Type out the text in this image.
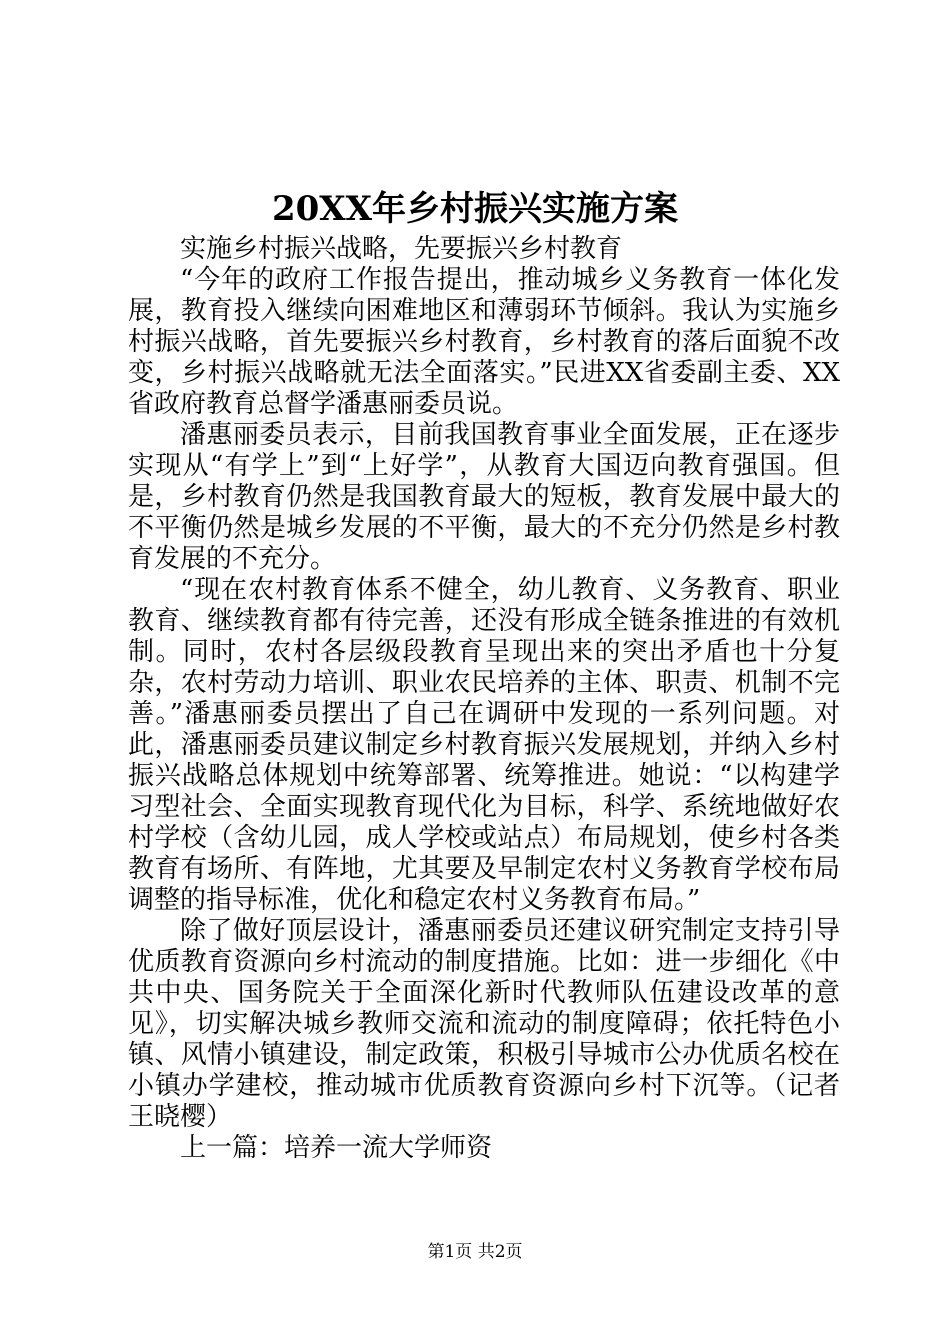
20XX年乡村振兴实施方案

实施乡村振兴战略，先要振兴乡村教育

“今年的政府工作报告提出，推动城乡义务教育一体化发展，教育投入继续向困难地区和薄弱环节倾斜。我认为实施乡村振兴战略，首先要振兴乡村教育，乡村教育的落后面貌不改变，乡村振兴战略就无法全面落实。”民进XX省委副主委、XX省政府教育总督学潘惠丽委员说。

潘惠丽委员表示，目前我国教育事业全面发展，正在逐步实现从“有学上”到“上好学”，从教育大国迈向教育强国。但是，乡村教育仍然是我国教育最大的短板，教育发展中最大的不平衡仍然是城乡发展的不平衡，最大的不充分仍然是乡村教育发展的不充分。

“现在农村教育体系不健全，幼儿教育、义务教育、职业教育、继续教育都有待完善，还没有形成全链条推进的有效机制。同时，农村各层级段教育呈现出来的突出矛盾也十分复杂，农村劳动力培训、职业农民培养的主体、职责、机制不完善。”潘惠丽委员摆出了自己在调研中发现的一系列问题。对此，潘惠丽委员建议制定乡村教育振兴发展规划，并纳入乡村振兴战略总体规划中统筹部署、统筹推进。她说：“以构建学习型社会、全面实现教育现代化为目标，科学、系统地做好农村学校（含幼儿园，成人学校或站点）布局规划，使乡村各类教育有场所、有阵地，尤其要及早制定农村义务教育学校布局调整的指导标准，优化和稳定农村义务教育布局。”

除了做好顶层设计，潘惠丽委员还建议研究制定支持引导优质教育资源向乡村流动的制度措施。比如：进一步细化《中共中央、国务院关于全面深化新时代教师队伍建设改革的意见》，切实解决城乡教师交流和流动的制度障碍；依托特色小镇、风情小镇建设，制定政策，积极引导城市公办优质名校在小镇办学建校，推动城市优质教育资源向乡村下沉等。（记者王晓樱）

上一篇：培养一流大学师资

第1页 共2页
